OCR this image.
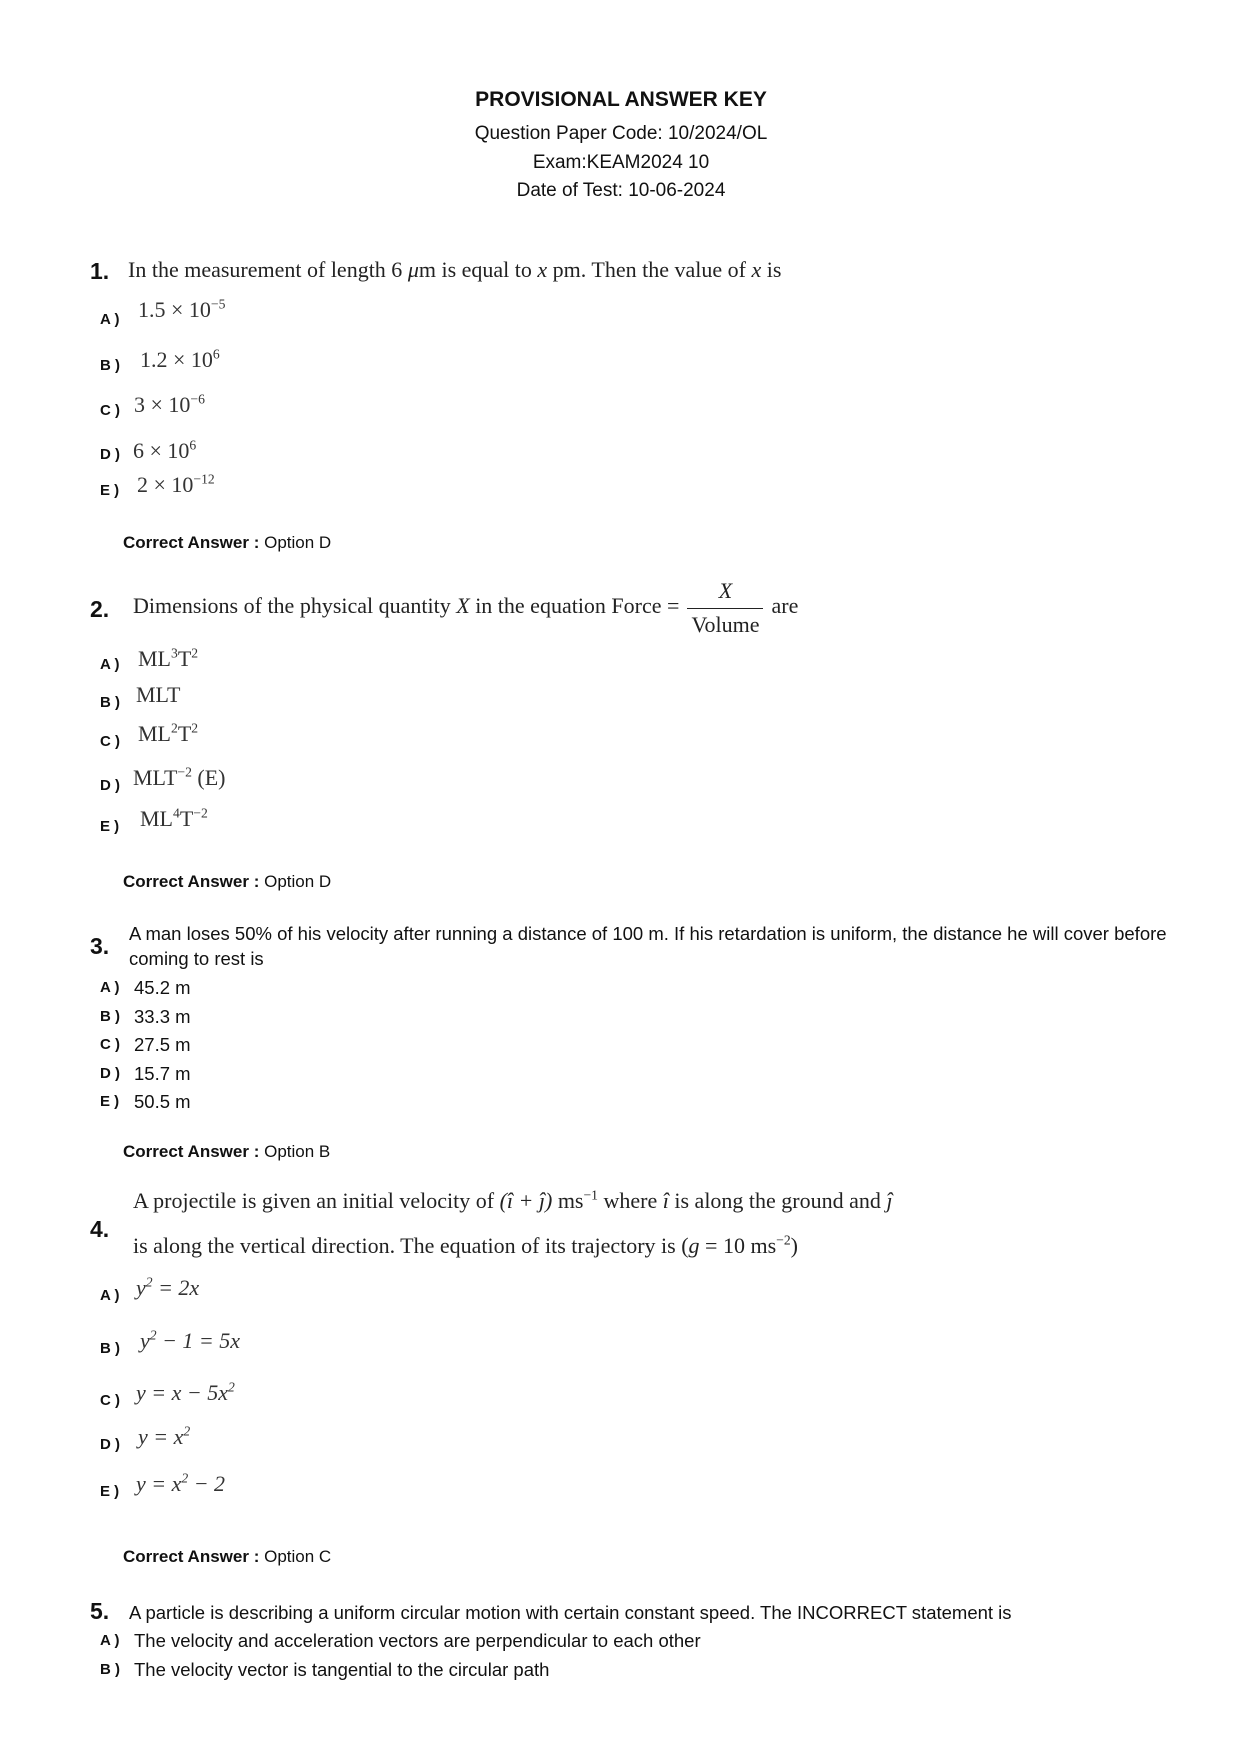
PROVISIONAL ANSWER KEY
Question Paper Code: 10/2024/OL
Exam:KEAM2024 10
Date of Test: 10-06-2024
1. In the measurement of length 6 μm is equal to x pm. Then the value of x is
A ) $1.5 \times 10^{-5}$
B ) $1.2 \times 10^6$
C ) $3 \times 10^{-6}$
D ) $6 \times 10^6$
E ) $2 \times 10^{-12}$
Correct Answer : Option D
2. Dimensions of the physical quantity X in the equation Force = $\frac{X}{\text{Volume}}$ are
A ) $ML^3T^2$
B ) MLT
C ) $ML^2T^2$
D ) $MLT^{-2}$ (E)
E ) $ML^4T^{-2}$
Correct Answer : Option D
3. A man loses 50% of his velocity after running a distance of 100 m. If his retardation is uniform, the distance he will cover before coming to rest is
A ) 45.2 m
B ) 33.3 m
C ) 27.5 m
D ) 15.7 m
E ) 50.5 m
Correct Answer : Option B
4.
A projectile is given an initial velocity of (î + ĵ) $ms^{-1}$ where î is along the ground and ĵ
is along the vertical direction. The equation of its trajectory is (g = 10 $ms^{-2}$)
A ) $y^2 = 2x$
B ) $y^2 - 1 = 5x$
C ) $y = x - 5x^2$
D ) $y = x^2$
E ) $y = x^2 - 2$
Correct Answer : Option C
5. A particle is describing a uniform circular motion with certain constant speed. The INCORRECT statement is
A ) The velocity and acceleration vectors are perpendicular to each other
B ) The velocity vector is tangential to the circular path
